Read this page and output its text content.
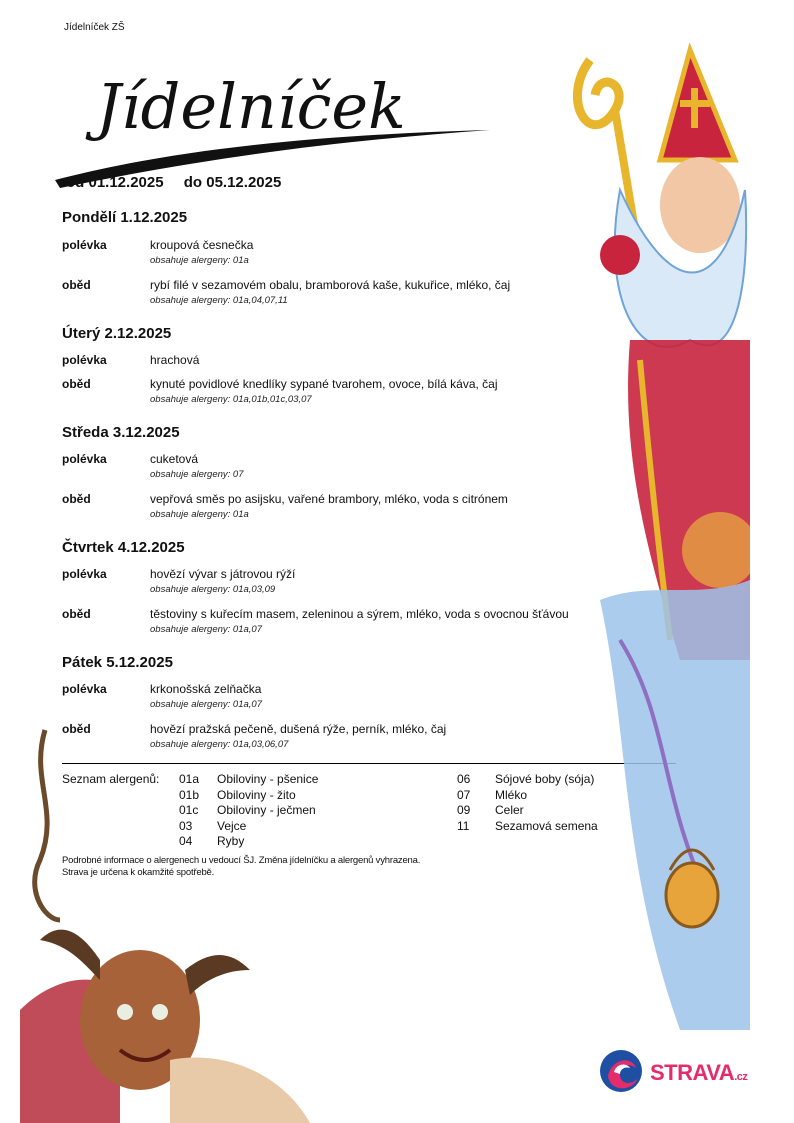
Jídelníček ZŠ
Jídelníček
od 01.12.2025 do 05.12.2025
Pondělí 1.12.2025
polévka	kroupová česnečka
obsahuje alergeny: 01a
oběd	rybí filé v sezamovém obalu, bramborová kaše, kukuřice, mléko, čaj
obsahuje alergeny: 01a,04,07,11
Úterý 2.12.2025
polévka	hrachová
oběd	kynuté povidlové knedlíky sypané tvarohem, ovoce, bílá káva, čaj
obsahuje alergeny: 01a,01b,01c,03,07
Středa 3.12.2025
polévka	cuketová
obsahuje alergeny: 07
oběd	vepřová směs po asijsku, vařené brambory, mléko, voda s citrónem
obsahuje alergeny: 01a
Čtvrtek 4.12.2025
polévka	hovězí vývar s játrovou rýží
obsahuje alergeny: 01a,03,09
oběd	těstoviny s kuřecím masem, zeleninou a sýrem, mléko, voda s ovocnou šťávou
obsahuje alergeny: 01a,07
Pátek 5.12.2025
polévka	krkonošská zelňačka
obsahuje alergeny: 01a,07
oběd	hovězí pražská pečeně, dušená rýže, perník, mléko, čaj
obsahuje alergeny: 01a,03,06,07
Seznam alergenů: 01a Obiloviny - pšenice
01b Obiloviny - žito
01c Obiloviny - ječmen
03 Vejce
04 Ryby
06 Sójové boby (sója)
07 Mléko
09 Celer
11 Sezamová semena
Podrobné informace o alergenech u vedoucí ŠJ. Změna jídelníčku a alergenů vyhrazena.
Strava je určena k okamžité spotřebě.
STRAVA.cz
